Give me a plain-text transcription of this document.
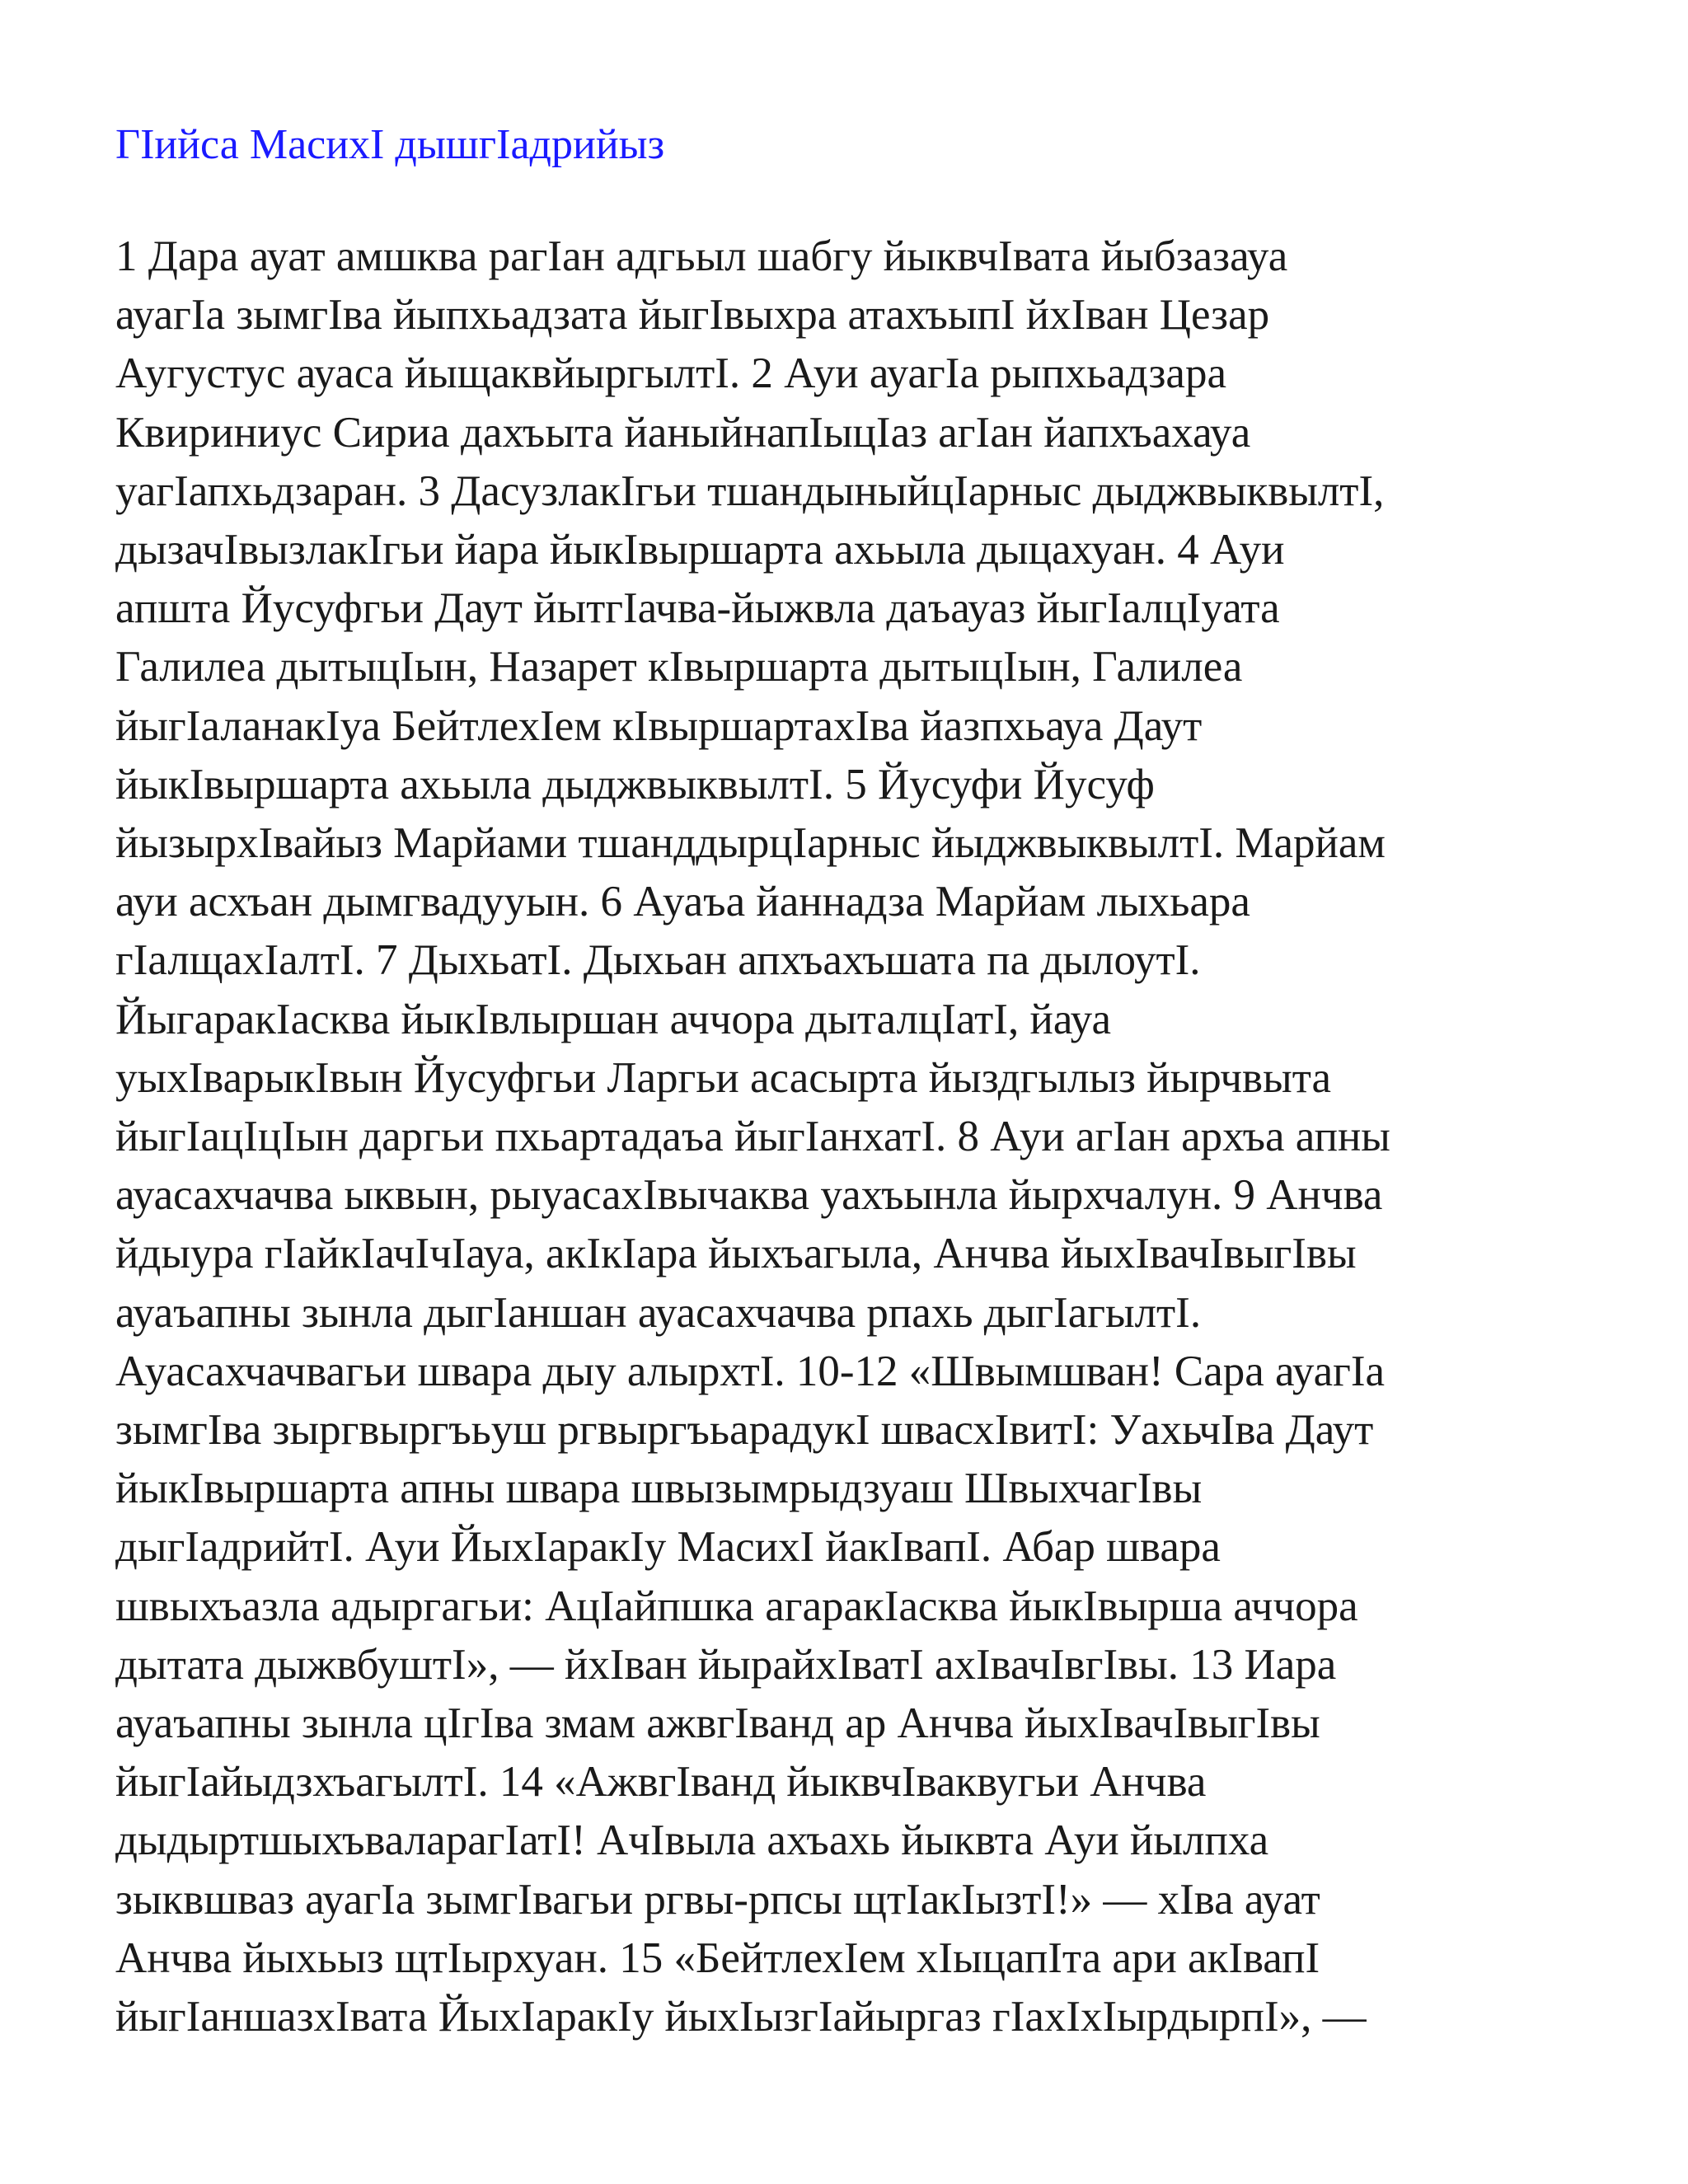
ГӀийса МасихӀ дышгӀадрийыз
1 Дара ауат амшква рагӀан адгьыл шабгу йыквчӀвата йыбзазауа
ауагӀа зымгӀва йыпхьадзата йыгӀвыхра атахъыпӀ йхӀван Цезар
Аугустус ауаса йыщаквйыргылтӀ. 2 Ауи ауагӀа рыпхьадзара
Квириниус Сириа дахъыта йаныйнапӀыцӀаз агӀан йапхъахауа
уагӀапхьдзаран. 3 ДасузлакӀгьи тшандыныйцӀарныс дыджвыквылтӀ,
дызачӀвызлакӀгьи йара йыкӀвыршарта ахьыла дыцахуан. 4 Ауи
апшта Йусуфгьи Даут йытгӀачва-йыжвла даъауаз йыгӀалцӀуата
Галилеа дытыцӀын, Назарет кӀвыршарта дытыцӀын, Галилеа
йыгӀаланакӀуа БейтлехӀем кӀвыршартахӀва йазпхьауа Даут
йыкӀвыршарта ахьыла дыджвыквылтӀ. 5 Йусуфи Йусуф
йызырхӀвайыз Марйами тшанддырцӀарныс йыджвыквылтӀ. Марйам
ауи асхъан дымгвадууын. 6 Ауаъа йаннадза Марйам лыхьара
гӀалщахӀалтӀ. 7 ДыхьатӀ. Дыхьан апхъахъшата па дылоутӀ.
ЙыгаракӀасква йыкӀвлыршан аччора дыталцӀатӀ, йауа
уыхӀварыкӀвын Йусуфгьи Ларгьи асасырта йыздгылыз йырчвыта
йыгӀацӀцӀын даргьи пхьартадаъа йыгӀанхатӀ. 8 Ауи агӀан архъа апны
ауасахчачва ыквын, рыуасахӀвычаква уахъынла йырхчалун. 9 Анчва
йдыура гӀайкӀачӀчӀауа, акӀкӀара йыхъагыла, Анчва йыхӀвачӀвыгӀвы
ауаъапны зынла дыгӀаншан ауасахчачва рпахь дыгӀагылтӀ.
Ауасахчачвагьи швара дыу алырхтӀ. 10-12 «Швымшван! Сара ауагӀа
зымгӀва зыргвыргъьуш ргвыргъьарадукӀ швасхӀвитӀ: УахьчӀва Даут
йыкӀвыршарта апны швара швызымрыдзуаш ШвыхчагӀвы
дыгӀадрийтӀ. Ауи ЙыхӀаракӀу МасихӀ йакӀвапӀ. Абар швара
швыхъазла адыргагьи: АцӀайпшка агаракӀасква йыкӀвырша аччора
дытата дыжвбуштӀ», — йхӀван йырайхӀватӀ ахӀвачӀвгӀвы. 13 Иара
ауаъапны зынла цӀгӀва змам ажвгӀванд ар Анчва йыхӀвачӀвыгӀвы
йыгӀайыдзхъагылтӀ. 14 «АжвгӀванд йыквчӀваквугьи Анчва
дыдыртшыхъваларагӀатӀ! АчӀвыла ахъахь йыквта Ауи йылпха
зыквшваз ауагӀа зымгӀвагьи ргвы-рпсы щтӀакӀызтӀ!» — хӀва ауат
Анчва йыхьыз щтӀырхуан. 15 «БейтлехӀем хӀыцапӀта ари акӀвапӀ
йыгӀаншазхӀвата ЙыхӀаракӀу йыхӀызгӀайыргаз гӀахӀхӀырдырпӀ», —
